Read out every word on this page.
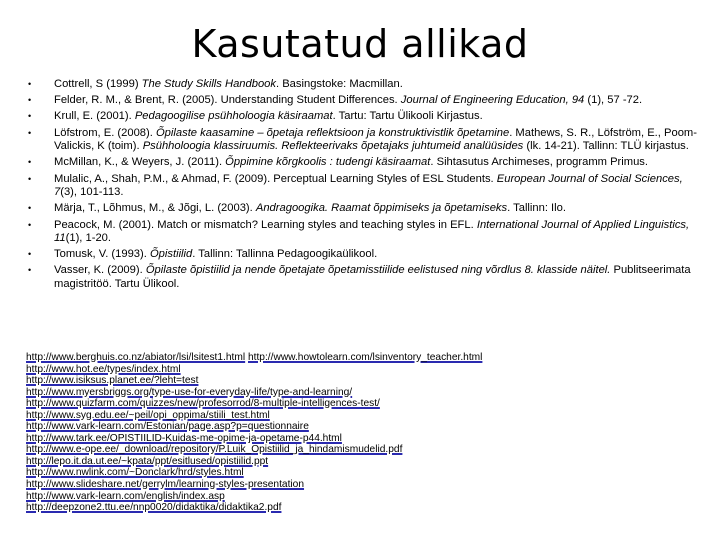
Kasutatud allikad
• Cottrell, S (1999) The Study Skills Handbook. Basingstoke: Macmillan.
• Felder, R. M., & Brent, R. (2005). Understanding Student Differences. Journal of Engineering Education, 94 (1), 57 -72.
• Krull, E. (2001). Pedagoogilise psühholoogia käsiraamat. Tartu: Tartu Ülikooli Kirjastus.
• Löfstrom, E. (2008). Õpilaste kaasamine – õpetaja reflektsioon ja konstruktivistlik õpetamine. Mathews, S. R., Löfström, E., Poom-Valickis, K (toim). Psühholoogia klassiruumis. Reflekteerivaks õpetajaks juhtumeid analüüsides (lk. 14-21). Tallinn: TLÜ kirjastus.
• McMillan, K., & Weyers, J. (2011). Õppimine kõrgkoolis : tudengi käsiraamat. Sihtasutus Archimeses, programm Primus.
• Mulalic, A., Shah, P.M., & Ahmad, F. (2009). Perceptual Learning Styles of ESL Students. European Journal of Social Sciences, 7(3), 101-113.
• Märja, T., Lõhmus, M., & Jõgi, L. (2003). Andragoogika. Raamat õppimiseks ja õpetamiseks. Tallinn: Ilo.
• Peacock, M. (2001). Match or mismatch? Learning styles and teaching styles in EFL. International Journal of Applied Linguistics, 11(1), 1-20.
• Tomusk, V. (1993). Õpistiilid. Tallinn: Tallinna Pedagoogikaülikool.
• Vasser, K. (2009). Õpilaste õpistiilid ja nende õpetajate õpetamisstiilide eelistused ning võrdlus 8. klasside näitel. Publitseerimata magistritöö. Tartu Ülikool.
http://www.berghuis.co.nz/abiator/lsi/lsitest1.html http://www.howtolearn.com/lsinventory_teacher.html
http://www.hot.ee/types/index.html
http://www.isiksus.planet.ee/?leht=test
http://www.myersbriggs.org/type-use-for-everyday-life/type-and-learning/
http://www.quizfarm.com/quizzes/new/profesorrod/8-multiple-intelligences-test/
http://www.syg.edu.ee/~peil/opi_oppima/stiili_test.html
http://www.vark-learn.com/Estonian/page.asp?p=questionnaire
http://www.tark.ee/OPISTIILID-Kuidas-me-opime-ja-opetame-p44.html
http://www.e-ope.ee/_download/repository/P.Luik_Opistiilid_ja_hindamismudelid.pdf
http://lepo.it.da.ut.ee/~kpata/ppt/esitlused/opistiilid.ppt
http://www.nwlink.com/~Donclark/hrd/styles.html
http://www.slideshare.net/gerrylm/learning-styles-presentation
http://www.vark-learn.com/english/index.asp
http://deepzone2.ttu.ee/nnp0020/didaktika/didaktika2.pdf
